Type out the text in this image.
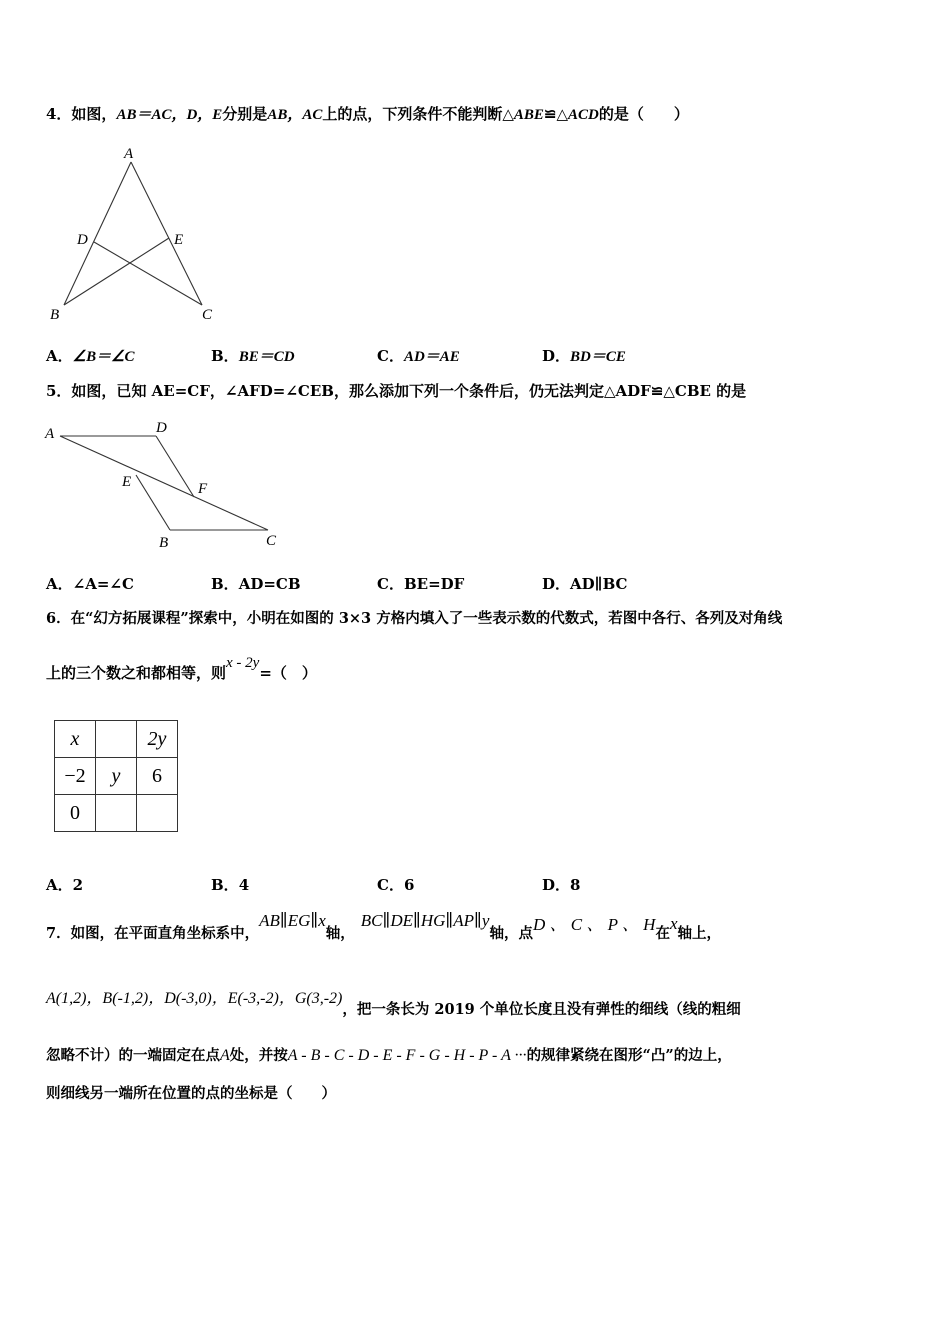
4．如图，AB＝AC，D，E分别是AB，AC上的点，下列条件不能判断△ABE≌△ACD的是（　　）
A
D	E
B	C
A．∠B＝∠C	B．BE＝CD	C．AD＝AE	D．BD＝CE
5．如图，已知 AE=CF，∠AFD=∠CEB，那么添加下列一个条件后，仍无法判定△ADF≌△CBE 的是
A	D
E	F
B	C
A．∠A=∠C	B．AD=CB	C．BE=DF	D．AD∥BC
6．在“幻方拓展课程”探索中，小明在如图的 3×3 方格内填入了一些表示数的代数式，若图中各行、各列及对角线
上的三个数之和都相等，则x - 2y=（　）
x		2y
−2	y	6
0		
A．2	B．4	C．6	D．8
7．如图，在平面直角坐标系中，AB∥EG∥x轴，BC∥DE∥HG∥AP∥y轴，点D 、 C 、 P 、 H在x轴上，
A(1,2)，B(-1,2)，D(-3,0)，E(-3,-2)，G(3,-2)，把一条长为 2019 个单位长度且没有弹性的细线（线的粗细
忽略不计）的一端固定在点A处，并按A - B - C - D - E - F - G - H - P - A ···的规律紧绕在图形“凸”的边上，
则细线另一端所在位置的点的坐标是（　　）
